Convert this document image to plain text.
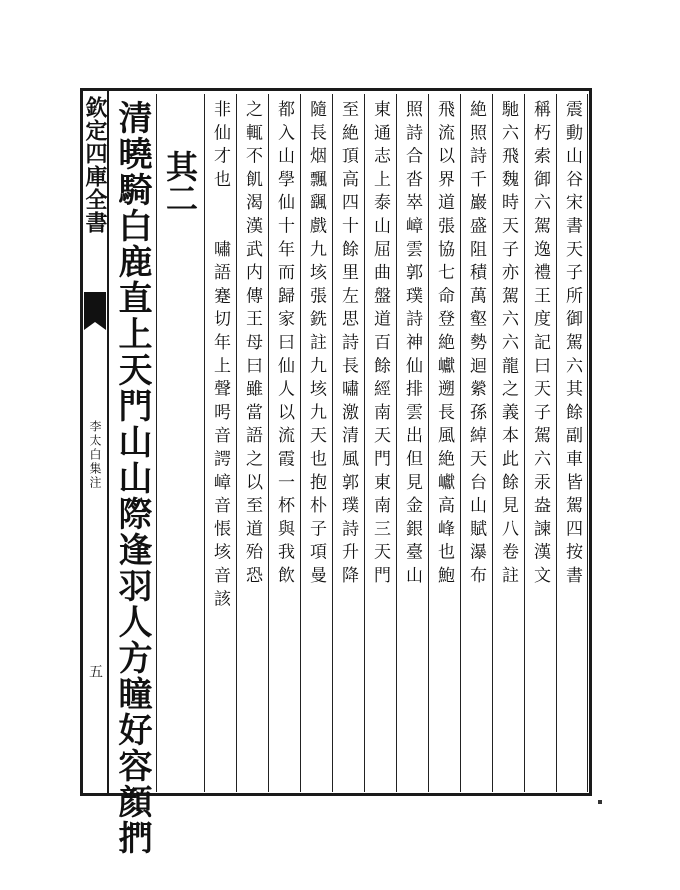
欽定四庫全書
李太白集注
五
震動山谷宋書天子所御駕六其餘副車皆駕四按書
稱朽索御六駕逸禮王度記曰天子駕六汞盎諫漢文
馳六飛魏時天子亦駕六六龍之義本此餘見八卷註
絶照詩千巖盛阻積萬壑勢迴縈孫綽天台山賦瀑布
飛流以界道張協七命登絶巘遡長風絶巘高峰也鮑
照詩合沓崒嶂雲郭璞詩神仙排雲出但見金銀臺山
東通志上泰山屈曲盤道百餘經南天門東南三天門
至絶頂高四十餘里左思詩長嘯激清風郭璞詩升降
隨長烟飄颻戲九垓張銑註九垓九天也抱朴子項曼
都入山學仙十年而歸家曰仙人以流霞一杯與我飲
之輒不飢渴漢武内傳王母曰雖當語之以至道殆恐
非仙才也　　嘯語蹇切年上聲呺音諤嶂音悵垓音該
其二
清曉騎白鹿直上天門山山際逢羽人方瞳好容顔捫
